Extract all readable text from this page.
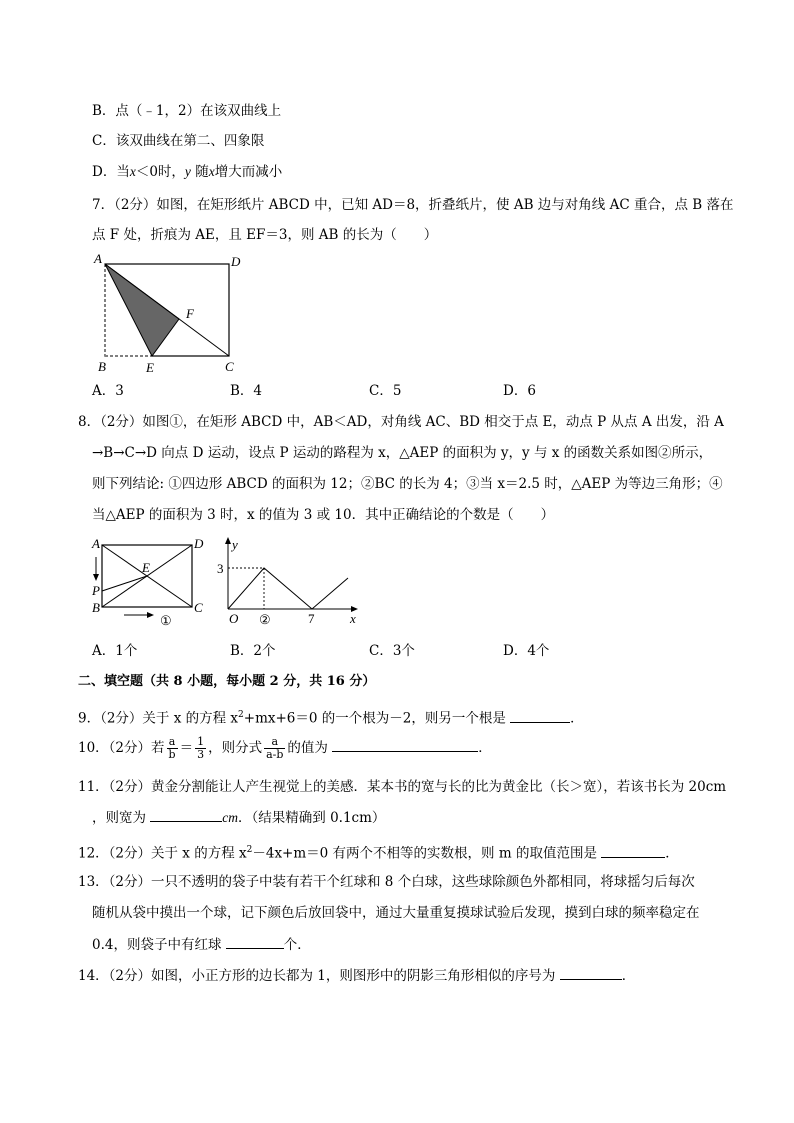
B．点（﹣1，2）在该双曲线上
C．该双曲线在第二、四象限
D．当x＜0时，y 随x增大而减小
7．（2分）如图，在矩形纸片 ABCD 中，已知 AD＝8，折叠纸片，使 AB 边与对角线 AC 重合，点 B 落在
点 F 处，折痕为 AE，且 EF＝3，则 AB 的长为（　　）
A	D
B	E	C
F
A．3	B．4	C．5	D．6
8．（2分）如图①，在矩形 ABCD 中，AB＜AD，对角线 AC、BD 相交于点 E，动点 P 从点 A 出发，沿 A
→B→C→D 向点 D 运动，设点 P 运动的路程为 x，△AEP 的面积为 y，y 与 x 的函数关系如图②所示，
则下列结论: ①四边形 ABCD 的面积为 12；②BC 的长为 4；③当 x＝2.5 时，△AEP 为等边三角形；④
当△AEP 的面积为 3 时，x 的值为 3 或 10．其中正确结论的个数是（　　）
A	D
B	C
E
P
①
y
x
O
3
7
②
A．1个	B．2个	C．3个	D．4个
二、填空题（共 8 小题，每小题 2 分，共 16 分）
9．（2分）关于 x 的方程 $x^2+mx+6=0$ 的一个根为－2，则另一个根是	．
10．（2分）若 $\frac{a}{b} = \frac{1}{3}$ ，则分式 $\frac{a}{a-b}$ 的值为	．
11．（2分）黄金分割能让人产生视觉上的美感．某本书的宽与长的比为黄金比（长＞宽），若该书长为 20cm
，则宽为	cm．（结果精确到 0.1cm）
12．（2分）关于 x 的方程 $x^2-4x+m=0$ 有两个不相等的实数根，则 m 的取值范围是	．
13．（2分）一只不透明的袋子中装有若干个红球和 8 个白球，这些球除颜色外都相同，将球摇匀后每次
随机从袋中摸出一个球，记下颜色后放回袋中，通过大量重复摸球试验后发现，摸到白球的频率稳定在
0.4，则袋子中有红球	个．
14．（2分）如图，小正方形的边长都为 1，则图形中的阴影三角形相似的序号为	．
